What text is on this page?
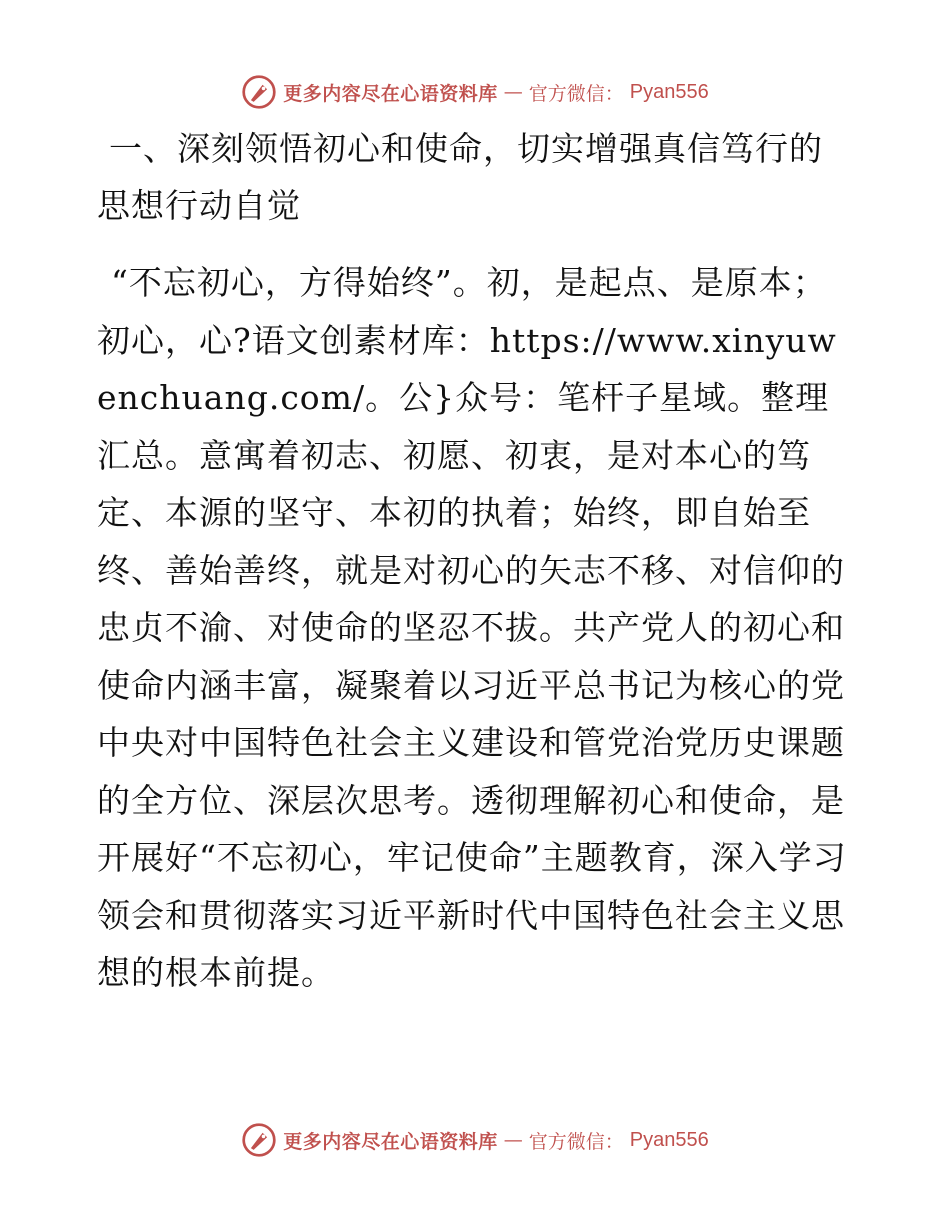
更多内容尽在心语资料库 — 官方微信： Pyan556
一、深刻领悟初心和使命，切实增强真信笃行的
思想行动自觉

“不忘初心，方得始终”。初，是起点、是原本；初心，心?语文创素材库：https://www.xinyuwenchuang.com/。公}众号：笔杆子星域。整理汇总。意寓着初志、初愿、初衷，是对本心的笃定、本源的坚守、本初的执着；始终，即自始至终、善始善终，就是对初心的矢志不移、对信仰的忠贞不渝、对使命的坚忍不拔。共产党人的初心和使命内涵丰富，凝聚着以习近平总书记为核心的党中央对中国特色社会主义建设和管党治党历史课题的全方位、深层次思考。透彻理解初心和使命，是开展好“不忘初心，牢记使命”主题教育，深入学习领会和贯彻落实习近平新时代中国特色社会主义思想的根本前提。

更多内容尽在心语资料库 — 官方微信： Pyan556
